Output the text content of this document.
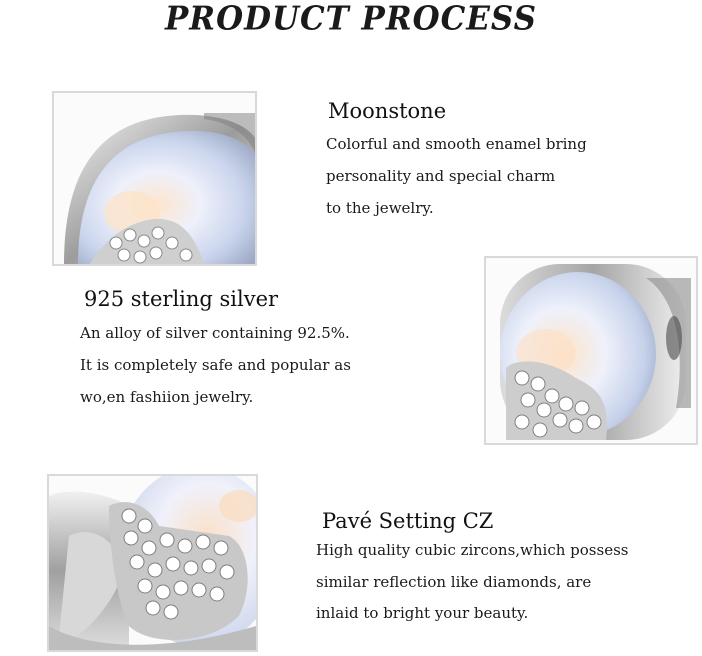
PRODUCT PROCESS
Moonstone
Colorful and smooth enamel bring
personality and special charm
to the jewelry.
925 sterling silver
An alloy of silver containing 92.5%.
It is completely safe and popular as
wo,en fashiion jewelry.
Pavé Setting CZ
High quality cubic zircons,which possess
similar reflection like diamonds, are
inlaid to bright your beauty.
